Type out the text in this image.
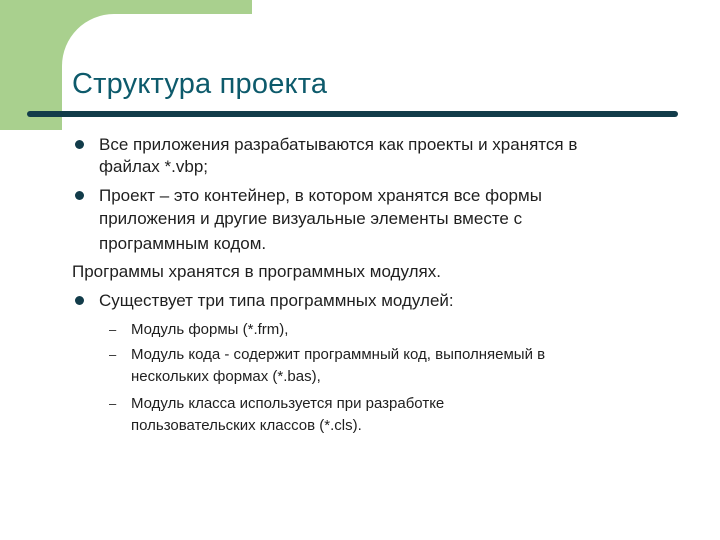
Структура проекта
Все приложения разрабатываются как проекты и хранятся в
файлах *.vbp;
Проект – это контейнер, в котором хранятся все формы
приложения и другие визуальные элементы вместе с
программным кодом.
Программы хранятся в программных модулях.
Существует три типа программных модулей:
– Модуль формы (*.frm),
– Модуль кода - содержит программный код, выполняемый в
нескольких формах (*.bas),
– Модуль класса используется при разработке
пользовательских классов (*.cls).
